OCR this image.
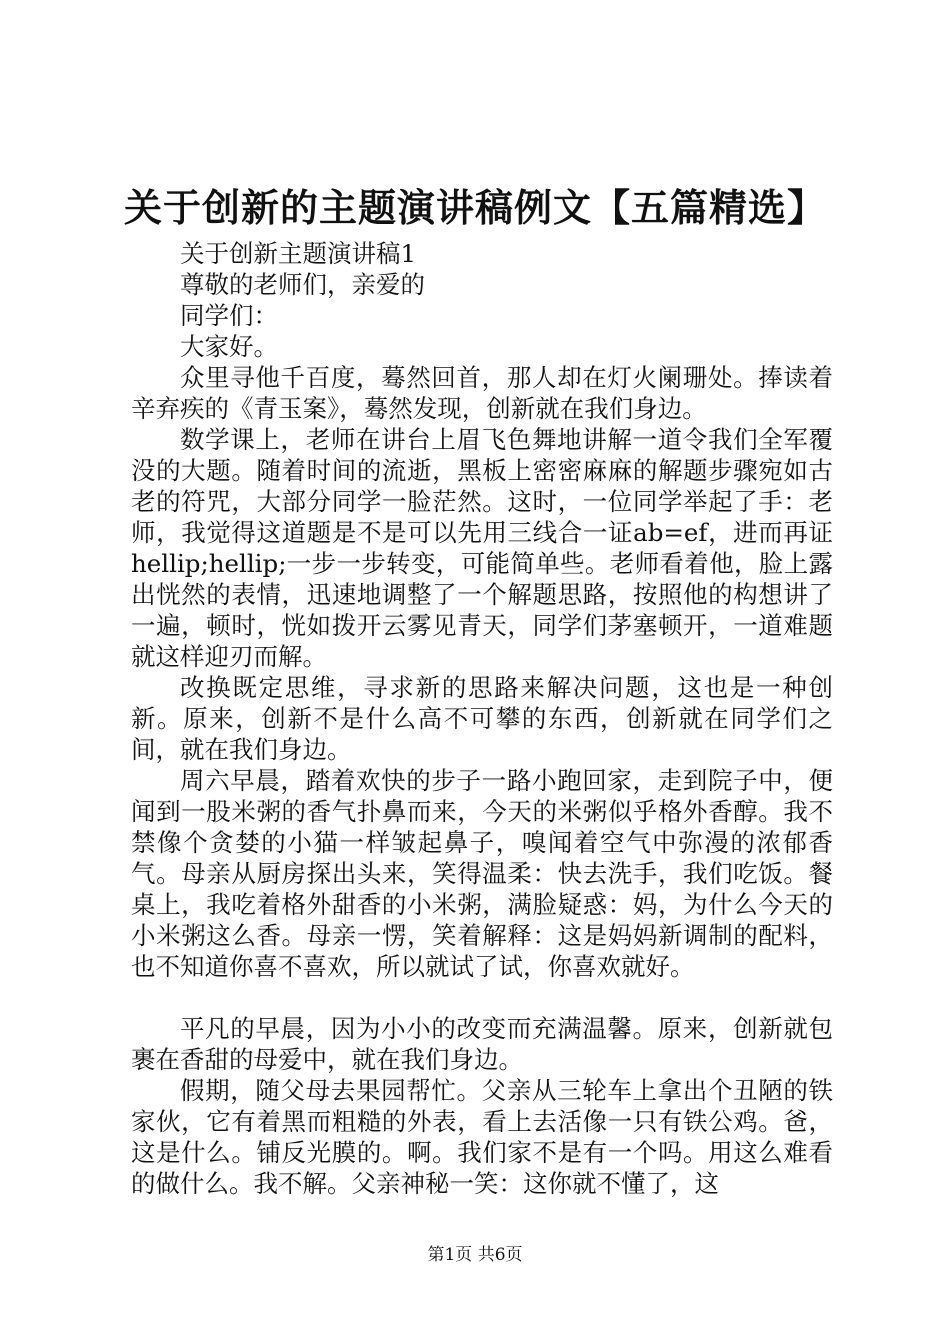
关于创新的主题演讲稿例文【五篇精选】

关于创新主题演讲稿1

尊敬的老师们，亲爱的

同学们：

大家好。

众里寻他千百度，蓦然回首，那人却在灯火阑珊处。捧读着辛弃疾的《青玉案》，蓦然发现，创新就在我们身边。

数学课上，老师在讲台上眉飞色舞地讲解一道令我们全军覆没的大题。随着时间的流逝，黑板上密密麻麻的解题步骤宛如古老的符咒，大部分同学一脸茫然。这时，一位同学举起了手：老师，我觉得这道题是不是可以先用三线合一证ab=ef，进而再证hellip;hellip;一步一步转变，可能简单些。老师看着他，脸上露出恍然的表情，迅速地调整了一个解题思路，按照他的构想讲了一遍，顿时，恍如拨开云雾见青天，同学们茅塞顿开，一道难题就这样迎刃而解。

改换既定思维，寻求新的思路来解决问题，这也是一种创新。原来，创新不是什么高不可攀的东西，创新就在同学们之间，就在我们身边。

周六早晨，踏着欢快的步子一路小跑回家，走到院子中，便闻到一股米粥的香气扑鼻而来，今天的米粥似乎格外香醇。我不禁像个贪婪的小猫一样皱起鼻子，嗅闻着空气中弥漫的浓郁香气。母亲从厨房探出头来，笑得温柔：快去洗手，我们吃饭。餐桌上，我吃着格外甜香的小米粥，满脸疑惑：妈，为什么今天的小米粥这么香。母亲一愣，笑着解释：这是妈妈新调制的配料，也不知道你喜不喜欢，所以就试了试，你喜欢就好。

平凡的早晨，因为小小的改变而充满温馨。原来，创新就包裹在香甜的母爱中，就在我们身边。

假期，随父母去果园帮忙。父亲从三轮车上拿出个丑陋的铁家伙，它有着黑而粗糙的外表，看上去活像一只有铁公鸡。爸，这是什么。铺反光膜的。啊。我们家不是有一个吗。用这么难看的做什么。我不解。父亲神秘一笑：这你就不懂了，这

第1页 共6页
